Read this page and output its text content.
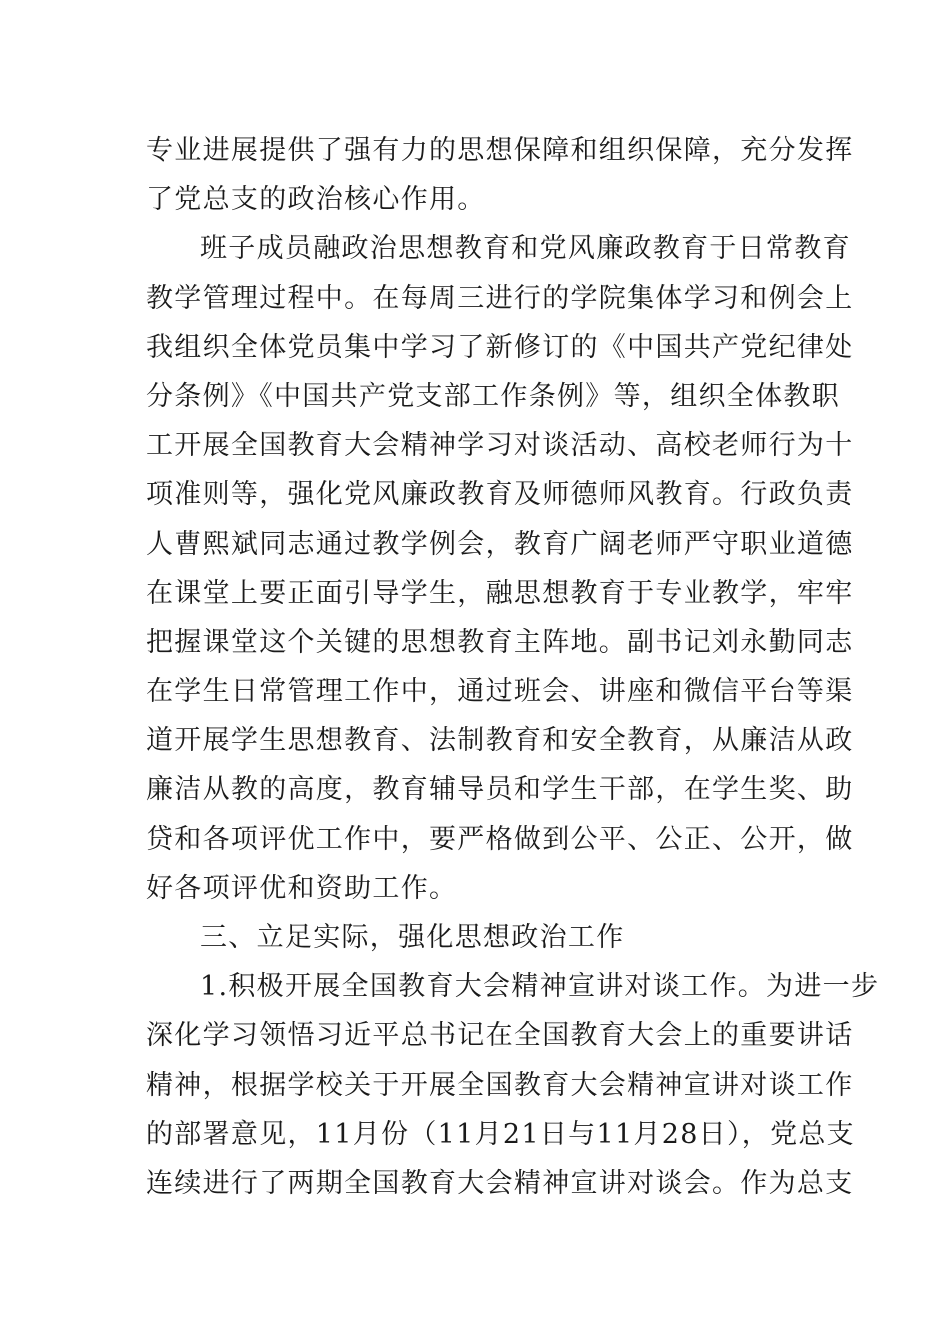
专业进展提供了强有力的思想保障和组织保障，充分发挥
了党总支的政治核心作用。
班子成员融政治思想教育和党风廉政教育于日常教育
教学管理过程中。在每周三进行的学院集体学习和例会上
我组织全体党员集中学习了新修订的《中国共产党纪律处
分条例》《中国共产党支部工作条例》等，组织全体教职
工开展全国教育大会精神学习对谈活动、高校老师行为十
项准则等，强化党风廉政教育及师德师风教育。行政负责
人曹熙斌同志通过教学例会，教育广阔老师严守职业道德
在课堂上要正面引导学生，融思想教育于专业教学，牢牢
把握课堂这个关键的思想教育主阵地。副书记刘永勤同志
在学生日常管理工作中，通过班会、讲座和微信平台等渠
道开展学生思想教育、法制教育和安全教育，从廉洁从政
廉洁从教的高度，教育辅导员和学生干部，在学生奖、助
贷和各项评优工作中，要严格做到公平、公正、公开，做
好各项评优和资助工作。
三、立足实际，强化思想政治工作
1.积极开展全国教育大会精神宣讲对谈工作。为进一步
深化学习领悟习近平总书记在全国教育大会上的重要讲话
精神，根据学校关于开展全国教育大会精神宣讲对谈工作
的部署意见，11月份（11月21日与11月28日），党总支
连续进行了两期全国教育大会精神宣讲对谈会。作为总支
